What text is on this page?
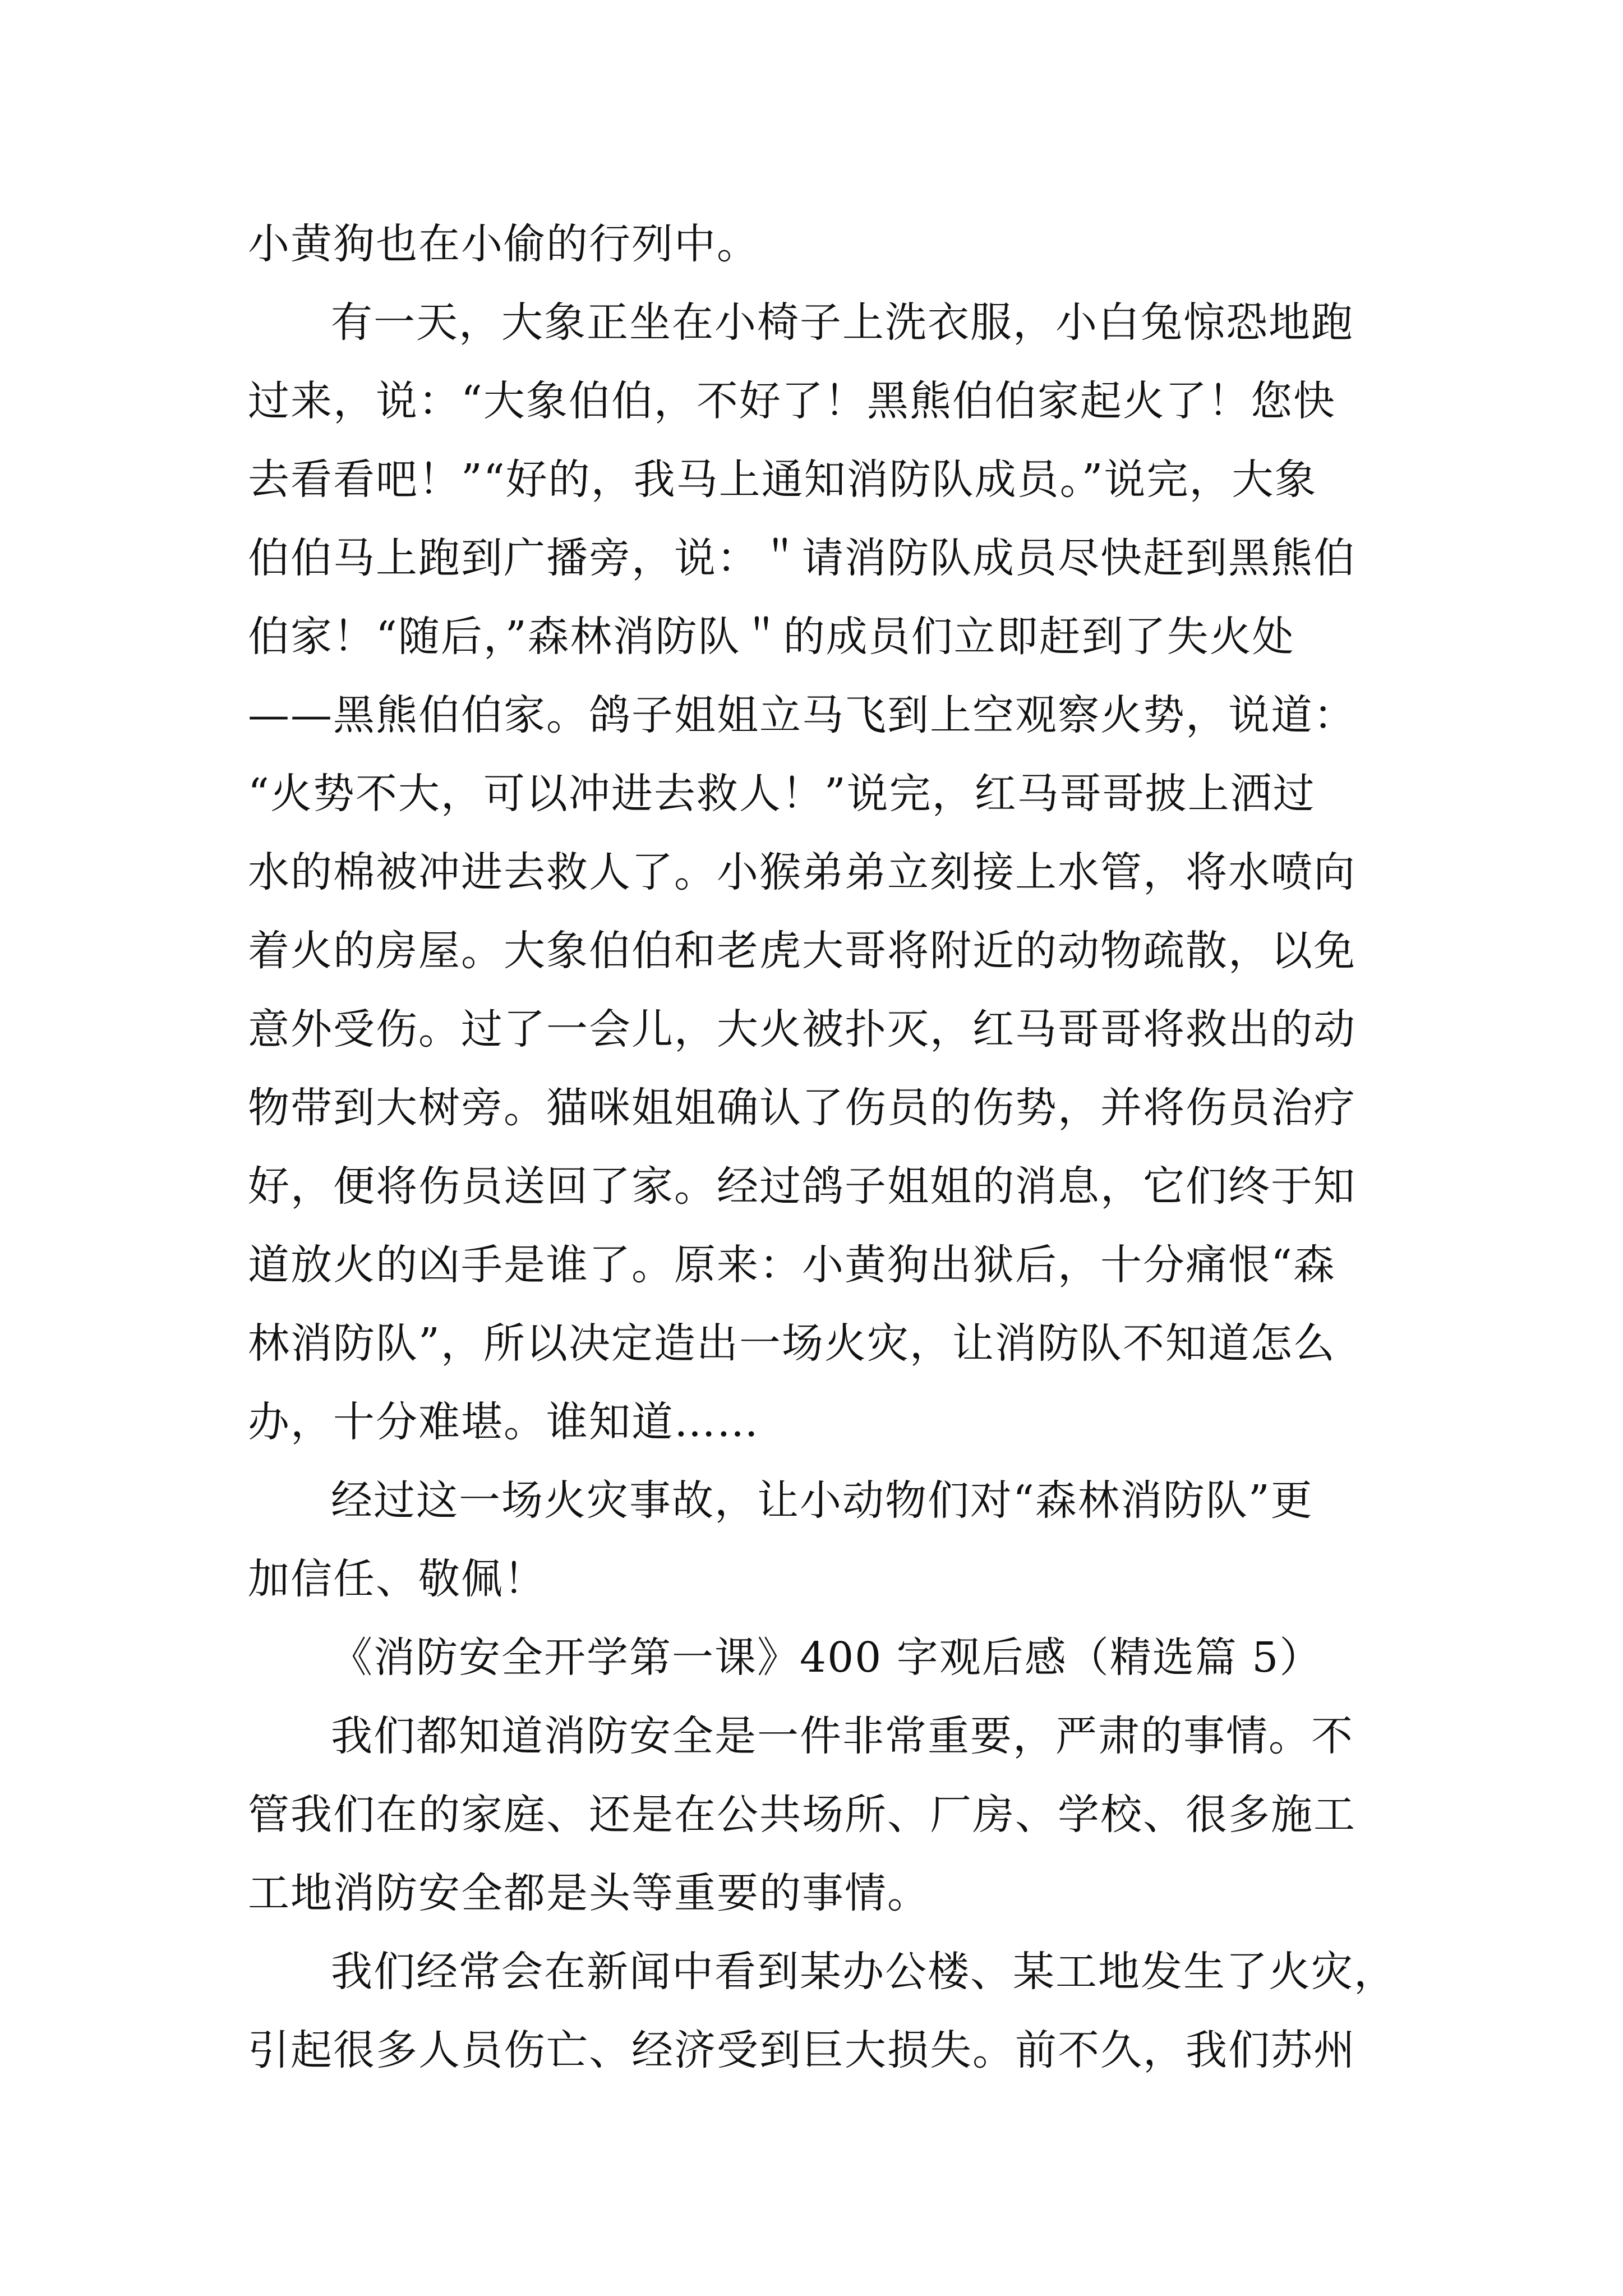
小黄狗也在小偷的行列中。
有一天，大象正坐在小椅子上洗衣服，小白兔惊恐地跑
过来，说：“大象伯伯，不好了！黑熊伯伯家起火了！您快
去看看吧！”“好的，我马上通知消防队成员。”说完，大象
伯伯马上跑到广播旁，说：＂请消防队成员尽快赶到黑熊伯
伯家！“随后，”森林消防队＂的成员们立即赶到了失火处
——黑熊伯伯家。鸽子姐姐立马飞到上空观察火势，说道：
“火势不大，可以冲进去救人！”说完，红马哥哥披上洒过
水的棉被冲进去救人了。小猴弟弟立刻接上水管，将水喷向
着火的房屋。大象伯伯和老虎大哥将附近的动物疏散，以免
意外受伤。过了一会儿，大火被扑灭，红马哥哥将救出的动
物带到大树旁。猫咪姐姐确认了伤员的伤势，并将伤员治疗
好，便将伤员送回了家。经过鸽子姐姐的消息，它们终于知
道放火的凶手是谁了。原来：小黄狗出狱后，十分痛恨“森
林消防队”，所以决定造出一场火灾，让消防队不知道怎么
办，十分难堪。谁知道……
经过这一场火灾事故，让小动物们对“森林消防队”更
加信任、敬佩！
《消防安全开学第一课》400 字观后感（精选篇 5）
我们都知道消防安全是一件非常重要，严肃的事情。不
管我们在的家庭、还是在公共场所、厂房、学校、很多施工
工地消防安全都是头等重要的事情。
我们经常会在新闻中看到某办公楼、某工地发生了火灾，
引起很多人员伤亡、经济受到巨大损失。前不久，我们苏州
